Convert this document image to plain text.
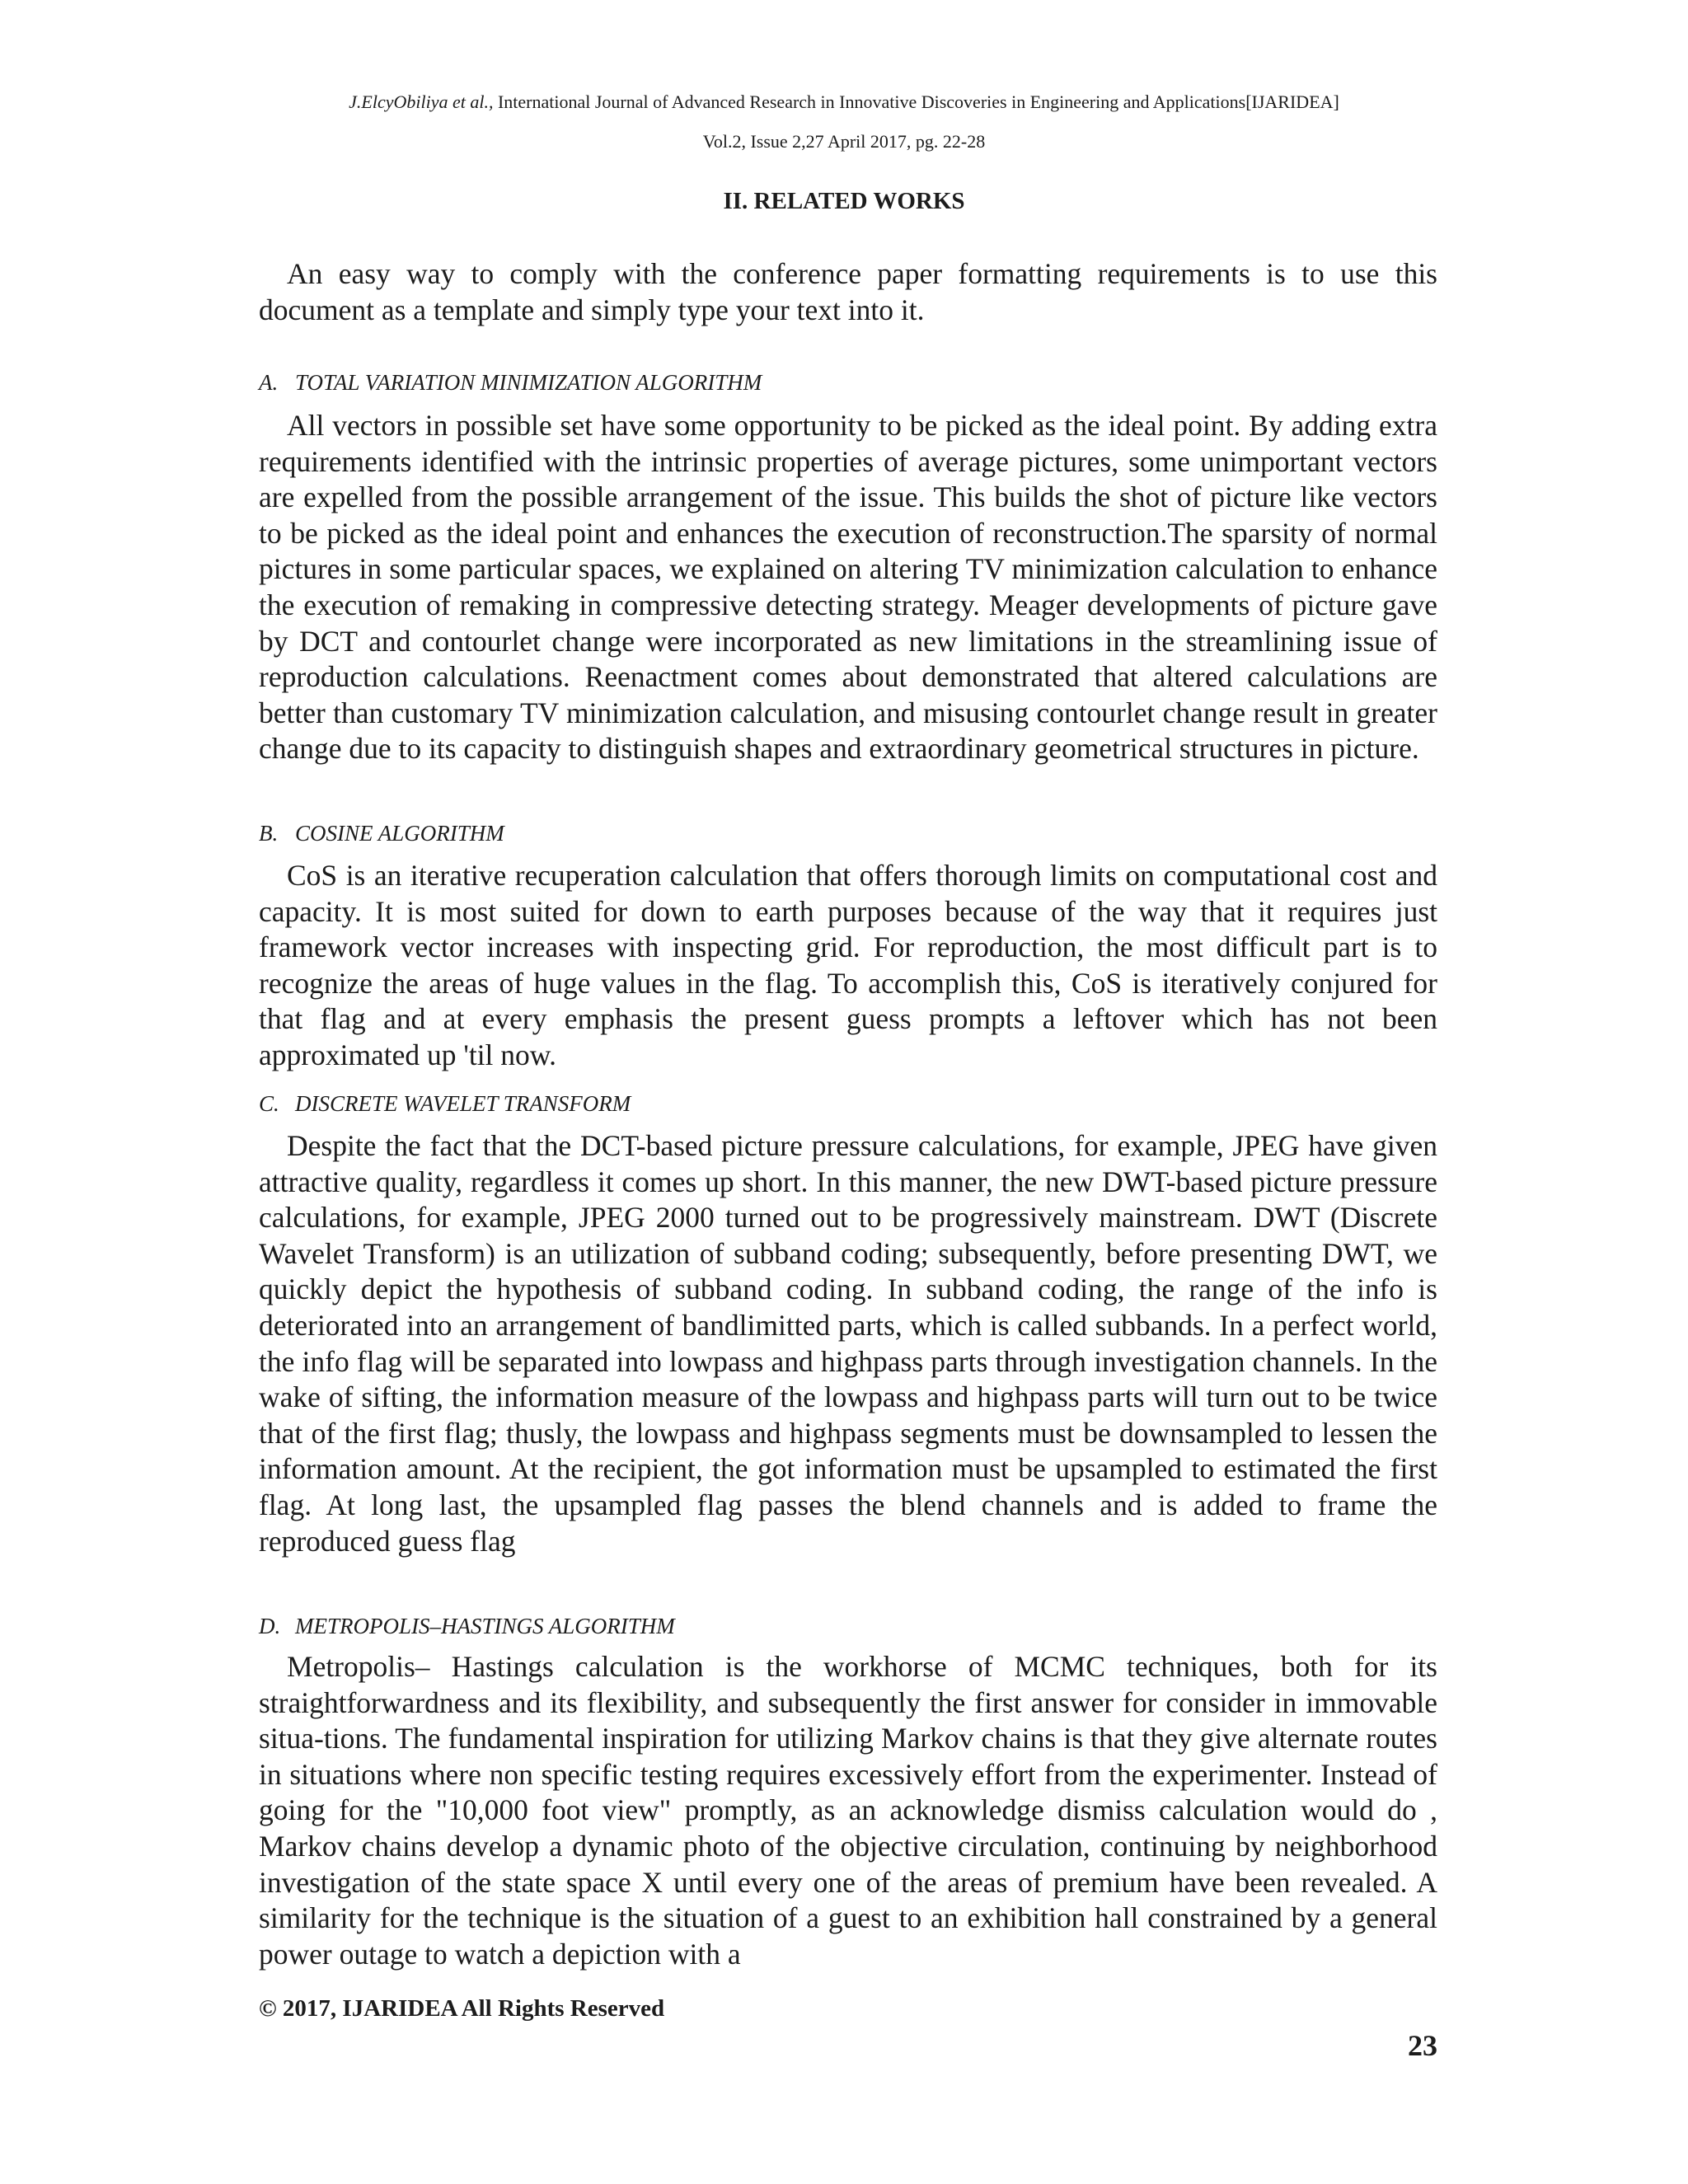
J.ElcyObiliya et al., International Journal of Advanced Research in Innovative Discoveries in Engineering and Applications[IJARIDEA]
Vol.2, Issue 2,27 April 2017, pg. 22-28
II. RELATED WORKS

An easy way to comply with the conference paper formatting requirements is to use this document as a template and simply type your text into it.

A. TOTAL VARIATION MINIMIZATION ALGORITHM

All vectors in possible set have some opportunity to be picked as the ideal point. By adding extra requirements identified with the intrinsic properties of average pictures, some unimportant vectors are expelled from the possible arrangement of the issue. This builds the shot of picture like vectors to be picked as the ideal point and enhances the execution of reconstruction.The sparsity of normal pictures in some particular spaces, we explained on altering TV minimization calculation to enhance the execution of remaking in compressive detecting strategy. Meager developments of picture gave by DCT and contourlet change were incorporated as new limitations in the streamlining issue of reproduction calculations. Reenactment comes about demonstrated that altered calculations are better than customary TV minimization calculation, and misusing contourlet change result in greater change due to its capacity to distinguish shapes and extraordinary geometrical structures in picture.

B. COSINE ALGORITHM

CoS is an iterative recuperation calculation that offers thorough limits on computational cost and capacity. It is most suited for down to earth purposes because of the way that it requires just framework vector increases with inspecting grid. For reproduction, the most difficult part is to recognize the areas of huge values in the flag. To accomplish this, CoS is iteratively conjured for that flag and at every emphasis the present guess prompts a leftover which has not been approximated up 'til now.

C. DISCRETE WAVELET TRANSFORM

Despite the fact that the DCT-based picture pressure calculations, for example, JPEG have given attractive quality, regardless it comes up short. In this manner, the new DWT-based picture pressure calculations, for example, JPEG 2000 turned out to be progressively mainstream. DWT (Discrete Wavelet Transform) is an utilization of subband coding; subsequently, before presenting DWT, we quickly depict the hypothesis of subband coding. In subband coding, the range of the info is deteriorated into an arrangement of bandlimitted parts, which is called subbands. In a perfect world, the info flag will be separated into lowpass and highpass parts through investigation channels. In the wake of sifting, the information measure of the lowpass and highpass parts will turn out to be twice that of the first flag; thusly, the lowpass and highpass segments must be downsampled to lessen the information amount. At the recipient, the got information must be upsampled to estimated the first flag. At long last, the upsampled flag passes the blend channels and is added to frame the reproduced guess flag

D. METROPOLIS–HASTINGS ALGORITHM

Metropolis– Hastings calculation is the workhorse of MCMC techniques, both for its straightforwardness and its flexibility, and subsequently the first answer for consider in immovable situa-tions. The fundamental inspiration for utilizing Markov chains is that they give alternate routes in situations where non specific testing requires excessively effort from the experimenter. Instead of going for the "10,000 foot view" promptly, as an acknowledge dismiss calculation would do , Markov chains develop a dynamic photo of the objective circulation, continuing by neighborhood investigation of the state space X until every one of the areas of premium have been revealed. A similarity for the technique is the situation of a guest to an exhibition hall constrained by a general power outage to watch a depiction with a

© 2017, IJARIDEA All Rights Reserved
23
